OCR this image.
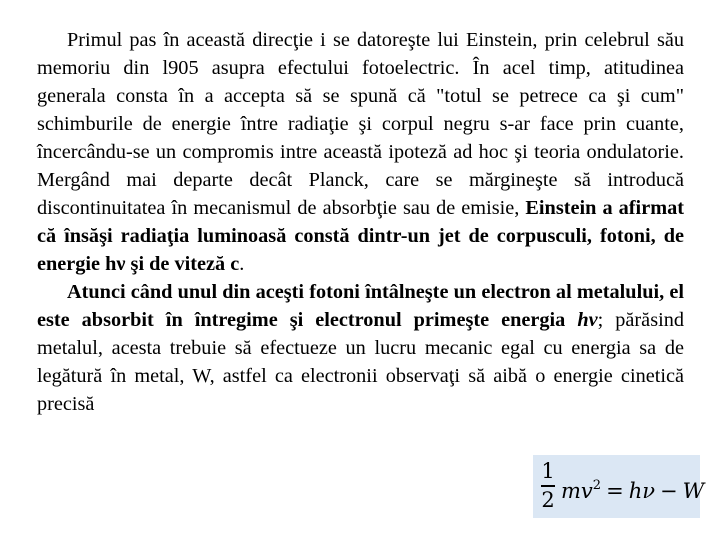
Primul pas în această direcţie i se datoreşte lui Einstein, prin celebrul său memoriu din l905 asupra efectului fotoelectric. În acel timp, atitudinea generala consta în a accepta să se spună că "totul se petrece ca şi cum" schimburile de energie între radiaţie şi corpul negru s-ar face prin cuante, încercându-se un compromis intre această ipoteză ad hoc şi teoria ondulatorie. Mergând mai departe decât Planck, care se mărgineşte să introducă discontinuitatea în mecanismul de absorbţie sau de emisie, Einstein a afirmat că însăşi radiaţia luminoasă constă dintr-un jet de corpusculi, fotoni, de energie hν şi de viteză c.

Atunci când unul din aceşti fotoni întâlneşte un electron al metalului, el este absorbit în întregime şi electronul primeşte energia hν; părăsind metalul, acesta trebuie să efectueze un lucru mecanic egal cu energia sa de legătură în metal, W, astfel ca electronii observaţi să aibă o energie cinetică precisă

1
2 $mv^2 = h\nu - W$
